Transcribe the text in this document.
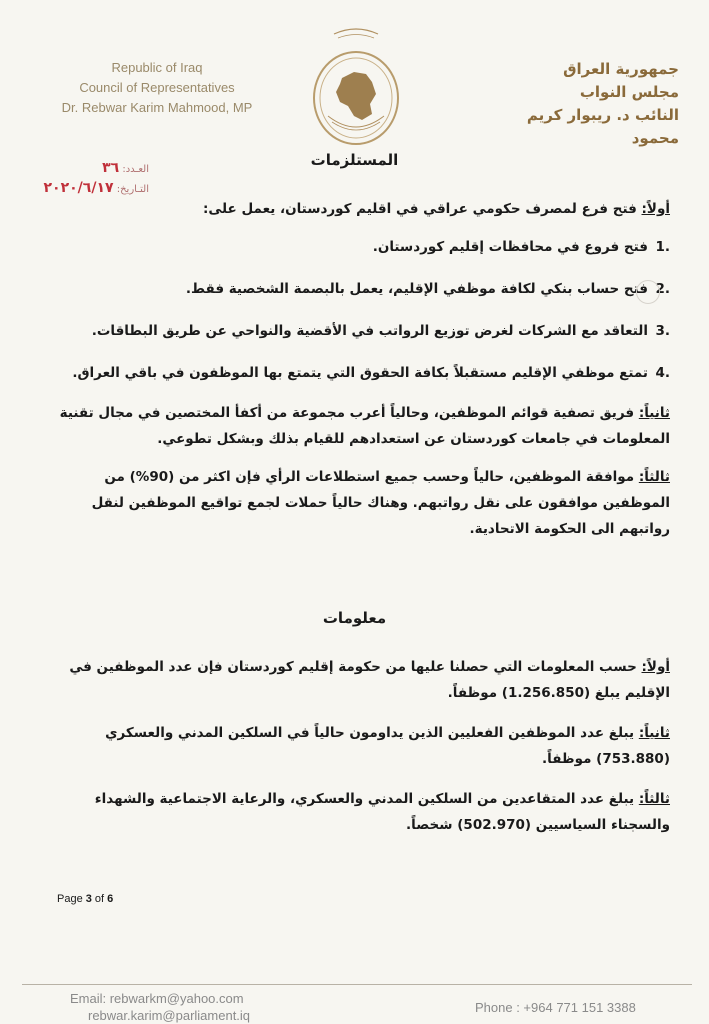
Republic of Iraq
Council of Representatives
Dr. Rebwar Karim Mahmood, MP
جمهورية العراق
مجلس النواب
النائب د. ريبوار كريم محمود
العـدد: ٣٦
التـاريخ: ٢٠٢٠/٦/١٧
المستلزمات

أولاً: فتح فرع لمصرف حكومي عراقي في اقليم كوردستان، يعمل على:

.1
فتح فروع في محافظات إقليم كوردستان.
.2
فتح حساب بنكي لكافة موظفي الإقليم، يعمل بالبصمة الشخصية فقط.
.3
التعاقد مع الشركات لغرض توزيع الرواتب في الأقضية والنواحي عن طريق البطاقات.
.4
تمتع موظفي الإقليم مستقبلاً بكافة الحقوق التي يتمتع بها الموظفون في باقي العراق.

ثانياً: فريق تصفية قوائم الموظفين، وحالياً أعرب مجموعة من أكفأ المختصين في مجال تقنية المعلومات في جامعات كوردستان عن استعدادهم للقيام بذلك وبشكل تطوعي.

ثالثاً: موافقة الموظفين، حالياً وحسب جميع استطلاعات الرأي فإن اكثر من (90%) من الموظفين موافقون على نقل رواتبهم. وهناك حالياً حملات لجمع تواقيع الموظفين لنقل رواتبهم الى الحكومة الاتحادية.

معلومات

أولاً: حسب المعلومات التي حصلنا عليها من حكومة إقليم كوردستان فإن عدد الموظفين في الإقليم يبلغ (1.256.850) موظفاً.

ثانياً: يبلغ عدد الموظفين الفعليين الذين يداومون حالياً في السلكين المدني والعسكري (753.880) موظفاً.

ثالثاً: يبلغ عدد المتقاعدين من السلكين المدني والعسكري، والرعاية الاجتماعية والشهداء والسجناء السياسيين (502.970) شخصاً.

Page 3 of 6
Email: rebwarkm@yahoo.com
rebwar.karim@parliament.iq
Phone : +964 771 151 3388
